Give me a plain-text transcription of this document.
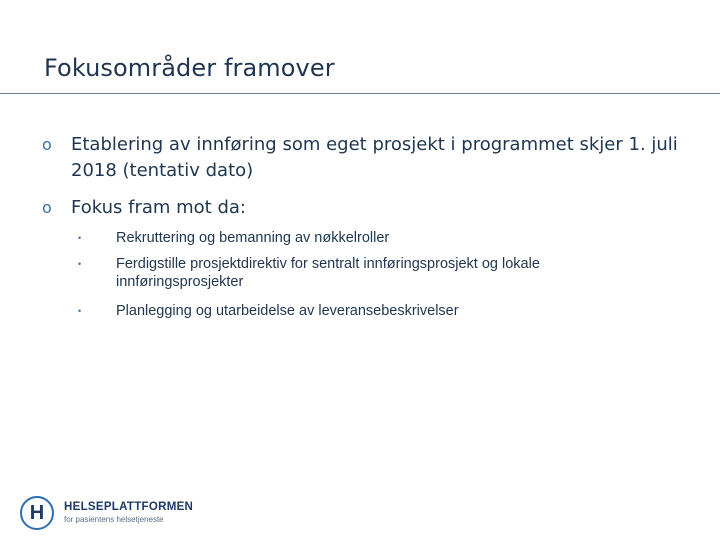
Fokusområder framover
o Etablering av innføring som eget prosjekt i programmet skjer 1. juli 2018 (tentativ dato)
o Fokus fram mot da:
• Rekruttering og bemanning av nøkkelroller
• Ferdigstille prosjektdirektiv for sentralt innføringsprosjekt og lokale innføringsprosjekter
• Planlegging og utarbeidelse av leveransebeskrivelser
H	HELSEPLATTFORMEN
for pasientens helsetjeneste
